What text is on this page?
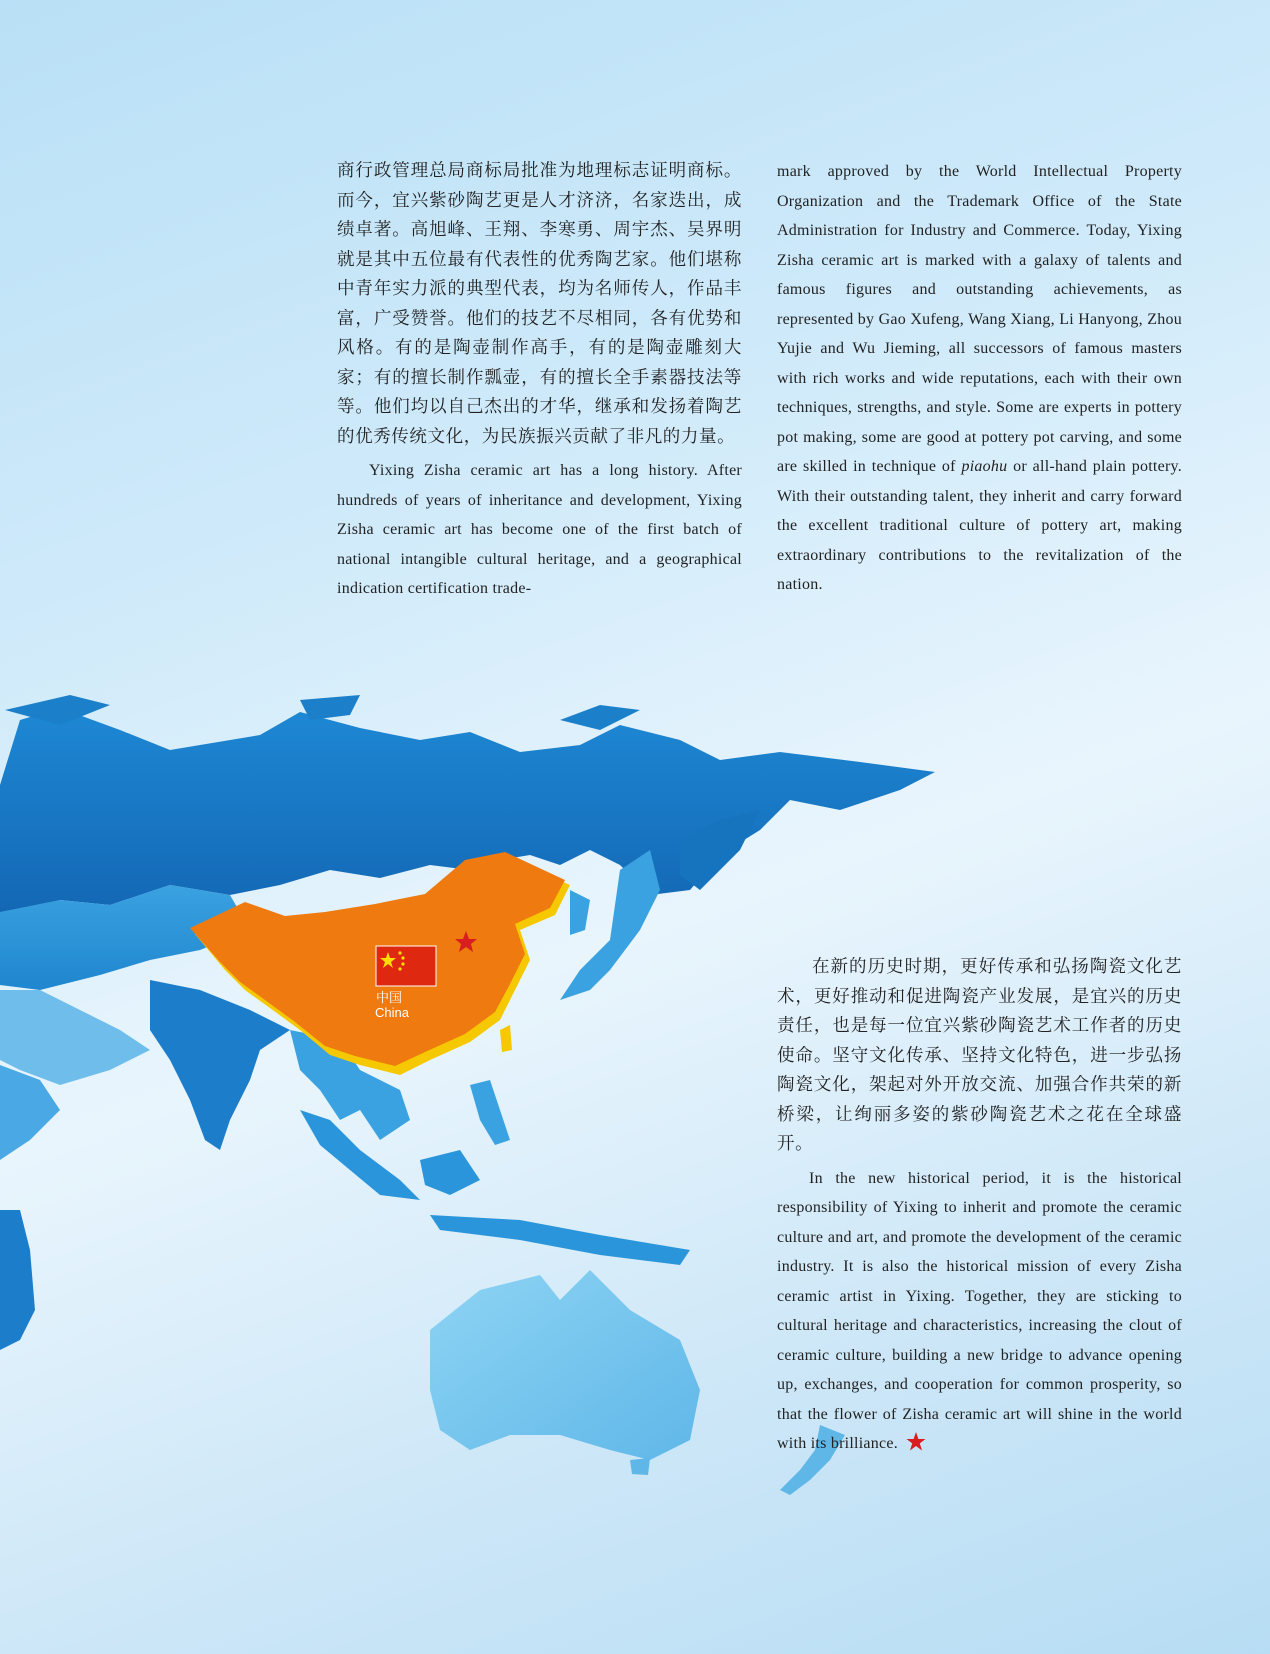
商行政管理总局商标局批准为地理标志证明商标。而今，宜兴紫砂陶艺更是人才济济，名家迭出，成绩卓著。高旭峰、王翔、李寒勇、周宇杰、吴界明就是其中五位最有代表性的优秀陶艺家。他们堪称中青年实力派的典型代表，均为名师传人，作品丰富，广受赞誉。他们的技艺不尽相同，各有优势和风格。有的是陶壶制作高手，有的是陶壶雕刻大家；有的擅长制作瓢壶，有的擅长全手素器技法等等。他们均以自己杰出的才华，继承和发扬着陶艺的优秀传统文化，为民族振兴贡献了非凡的力量。

Yixing Zisha ceramic art has a long history. After hundreds of years of inheritance and development, Yixing Zisha ceramic art has become one of the first batch of national intangible cultural heritage, and a geographical indication certification trade-

mark approved by the World Intellectual Property Organization and the Trademark Office of the State Administration for Industry and Commerce. Today, Yixing Zisha ceramic art is marked with a galaxy of talents and famous figures and outstanding achievements, as represented by Gao Xufeng, Wang Xiang, Li Hanyong, Zhou Yujie and Wu Jieming, all successors of famous masters with rich works and wide reputations, each with their own techniques, strengths, and style. Some are experts in pottery pot making, some are good at pottery pot carving, and some are skilled in technique of piaohu or all-hand plain pottery. With their outstanding talent, they inherit and carry forward the excellent traditional culture of pottery art, making extraordinary contributions to the revitalization of the nation.

中国
China

在新的历史时期，更好传承和弘扬陶瓷文化艺术，更好推动和促进陶瓷产业发展，是宜兴的历史责任，也是每一位宜兴紫砂陶瓷艺术工作者的历史使命。坚守文化传承、坚持文化特色，进一步弘扬陶瓷文化，架起对外开放交流、加强合作共荣的新桥梁，让绚丽多姿的紫砂陶瓷艺术之花在全球盛开。

In the new historical period, it is the historical responsibility of Yixing to inherit and promote the ceramic culture and art, and promote the development of the ceramic industry. It is also the historical mission of every Zisha ceramic artist in Yixing. Together, they are sticking to cultural heritage and characteristics, increasing the clout of ceramic culture, building a new bridge to advance opening up, exchanges, and cooperation for common prosperity, so that the flower of Zisha ceramic art will shine in the world with its brilliance.
